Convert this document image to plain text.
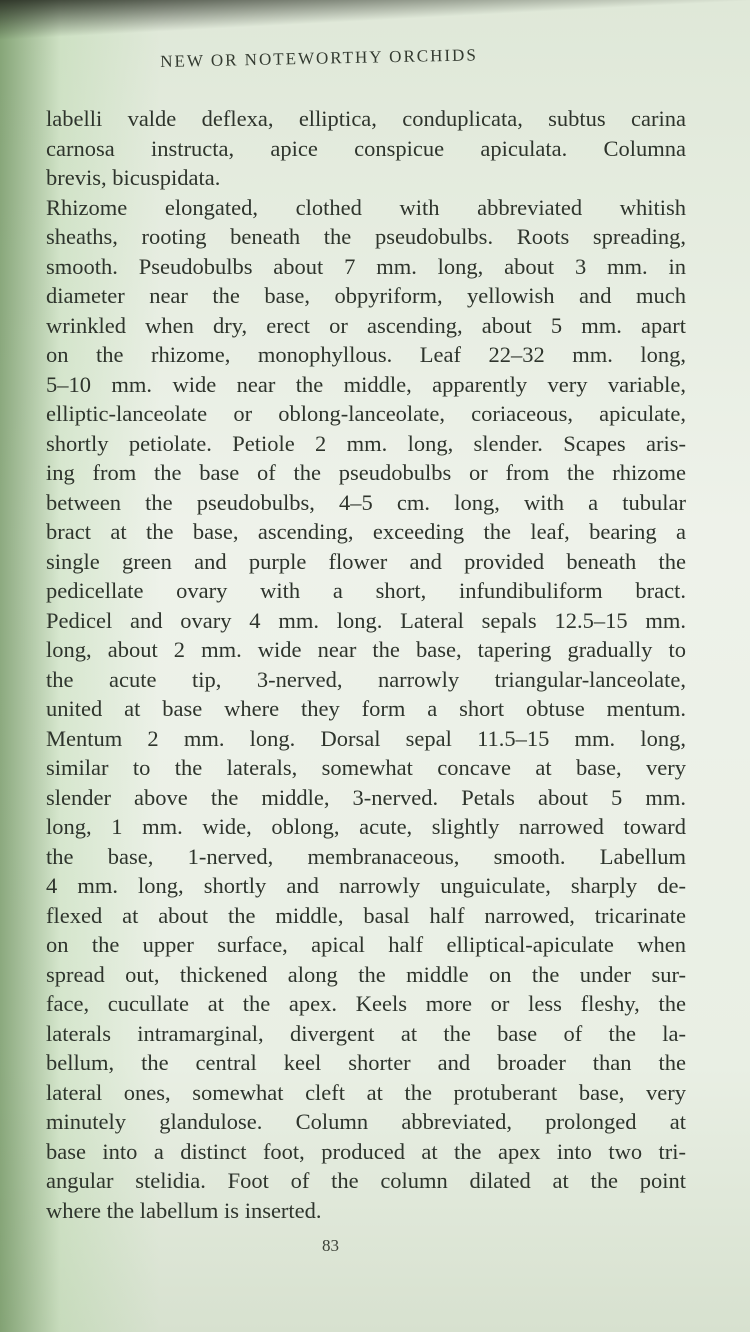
NEW OR NOTEWORTHY ORCHIDS
labelli valde deflexa, elliptica, conduplicata, subtus carina
carnosa instructa, apice conspicue apiculata. Columna
brevis, bicuspidata.
Rhizome elongated, clothed with abbreviated whitish
sheaths, rooting beneath the pseudobulbs. Roots spreading,
smooth. Pseudobulbs about 7 mm. long, about 3 mm. in
diameter near the base, obpyriform, yellowish and much
wrinkled when dry, erect or ascending, about 5 mm. apart
on the rhizome, monophyllous. Leaf 22–32 mm. long,
5–10 mm. wide near the middle, apparently very variable,
elliptic-lanceolate or oblong-lanceolate, coriaceous, apiculate,
shortly petiolate. Petiole 2 mm. long, slender. Scapes aris-
ing from the base of the pseudobulbs or from the rhizome
between the pseudobulbs, 4–5 cm. long, with a tubular
bract at the base, ascending, exceeding the leaf, bearing a
single green and purple flower and provided beneath the
pedicellate ovary with a short, infundibuliform bract.
Pedicel and ovary 4 mm. long. Lateral sepals 12.5–15 mm.
long, about 2 mm. wide near the base, tapering gradually to
the acute tip, 3-nerved, narrowly triangular-lanceolate,
united at base where they form a short obtuse mentum.
Mentum 2 mm. long. Dorsal sepal 11.5–15 mm. long,
similar to the laterals, somewhat concave at base, very
slender above the middle, 3-nerved. Petals about 5 mm.
long, 1 mm. wide, oblong, acute, slightly narrowed toward
the base, 1-nerved, membranaceous, smooth. Labellum
4 mm. long, shortly and narrowly unguiculate, sharply de-
flexed at about the middle, basal half narrowed, tricarinate
on the upper surface, apical half elliptical-apiculate when
spread out, thickened along the middle on the under sur-
face, cucullate at the apex. Keels more or less fleshy, the
laterals intramarginal, divergent at the base of the la-
bellum, the central keel shorter and broader than the
lateral ones, somewhat cleft at the protuberant base, very
minutely glandulose. Column abbreviated, prolonged at
base into a distinct foot, produced at the apex into two tri-
angular stelidia. Foot of the column dilated at the point
where the labellum is inserted.
83
